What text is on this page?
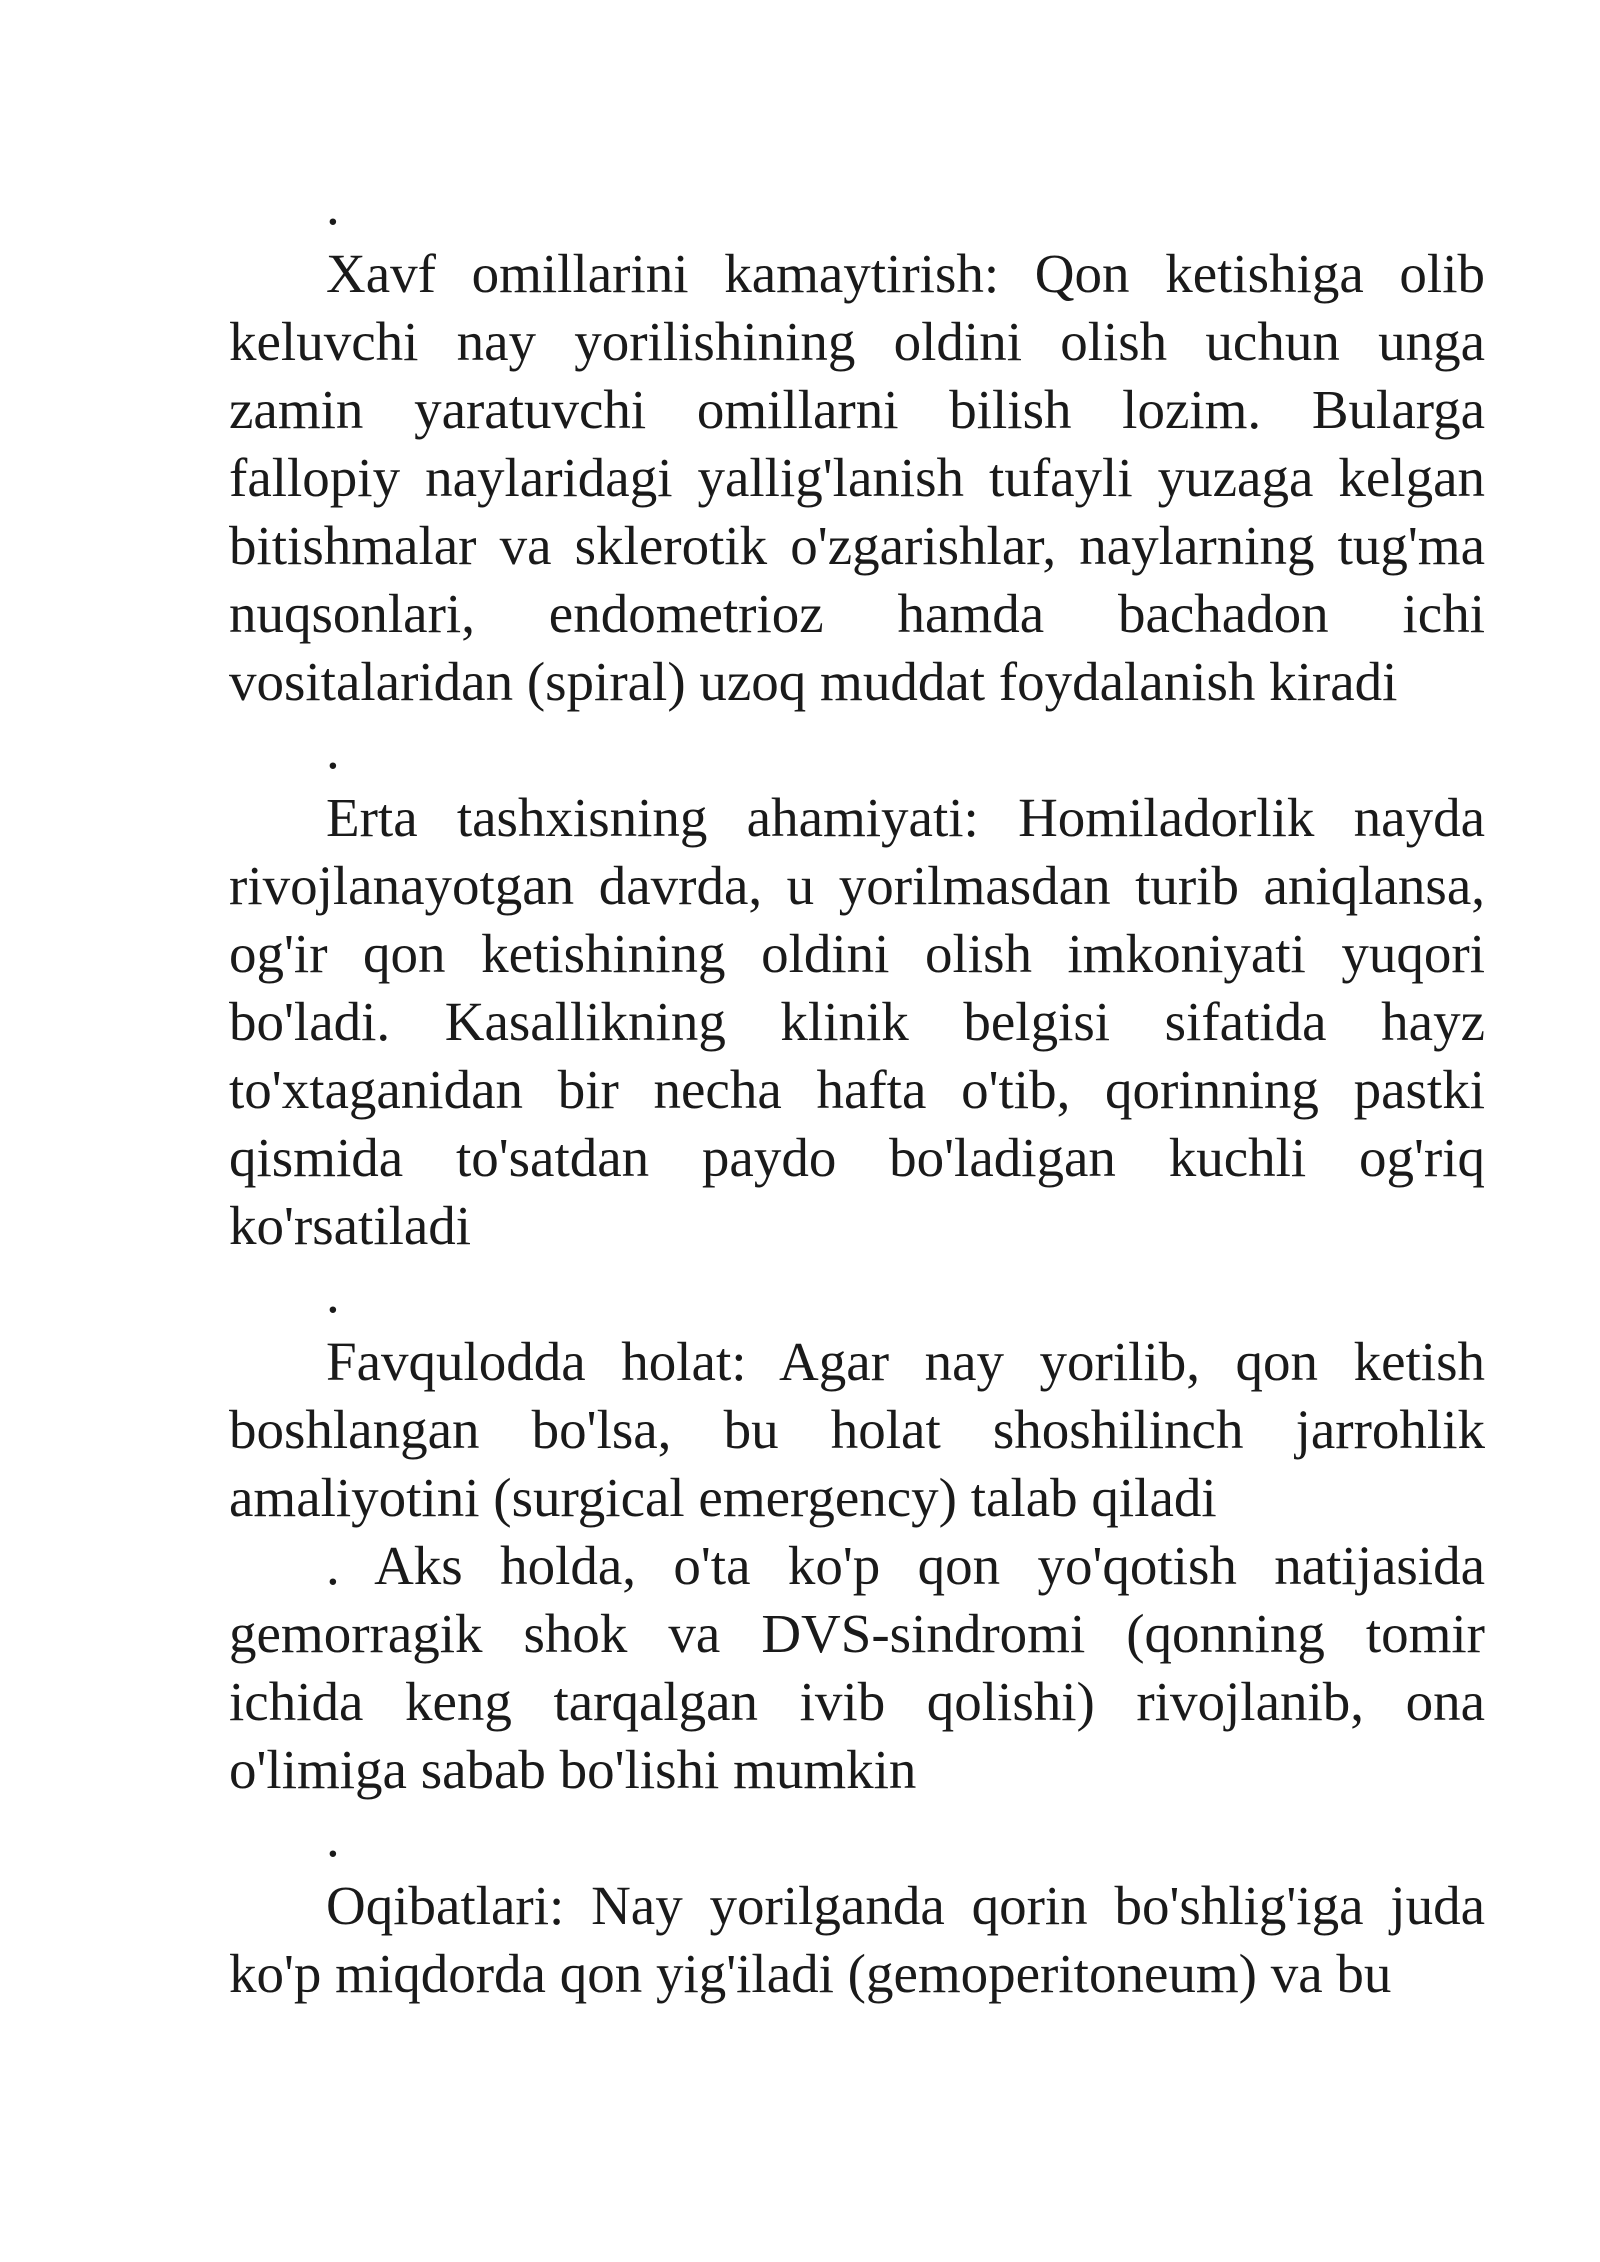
.

Xavf omillarini kamaytirish: Qon ketishiga olib keluvchi nay yorilishining oldini olish uchun unga zamin yaratuvchi omillarni bilish lozim. Bularga fallopiy naylaridagi yallig'lanish tufayli yuzaga kelgan bitishmalar va sklerotik o'zgarishlar, naylarning tug'ma nuqsonlari, endometrioz hamda bachadon ichi vositalaridan (spiral) uzoq muddat foydalanish kiradi

.

Erta tashxisning ahamiyati: Homiladorlik nayda rivojlanayotgan davrda, u yorilmasdan turib aniqlansa, og'ir qon ketishining oldini olish imkoniyati yuqori bo'ladi. Kasallikning klinik belgisi sifatida hayz to'xtaganidan bir necha hafta o'tib, qorinning pastki qismida to'satdan paydo bo'ladigan kuchli og'riq ko'rsatiladi

.

Favqulodda holat: Agar nay yorilib, qon ketish boshlangan bo'lsa, bu holat shoshilinch jarrohlik amaliyotini (surgical emergency) talab qiladi

. Aks holda, o'ta ko'p qon yo'qotish natijasida gemorragik shok va DVS-sindromi (qonning tomir ichida keng tarqalgan ivib qolishi) rivojlanib, ona o'limiga sabab bo'lishi mumkin

.

Oqibatlari: Nay yorilganda qorin bo'shlig'iga juda ko'p miqdorda qon yig'iladi (gemoperitoneum) va bu
